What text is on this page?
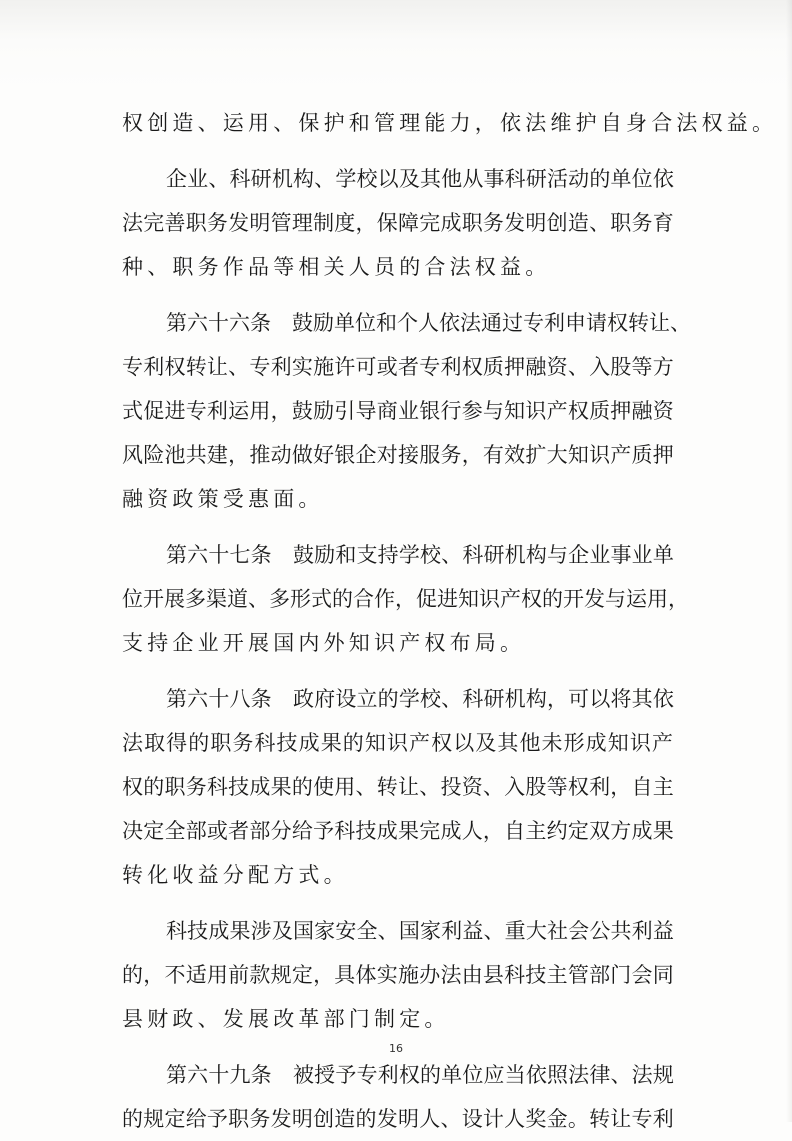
权创造、运用、保护和管理能力，依法维护自身合法权益。

企业、科研机构、学校以及其他从事科研活动的单位依
法完善职务发明管理制度，保障完成职务发明创造、职务育
种、职务作品等相关人员的合法权益。

第六十六条　鼓励单位和个人依法通过专利申请权转让、
专利权转让、专利实施许可或者专利权质押融资、入股等方
式促进专利运用，鼓励引导商业银行参与知识产权质押融资
风险池共建，推动做好银企对接服务，有效扩大知识产质押
融资政策受惠面。

第六十七条　鼓励和支持学校、科研机构与企业事业单
位开展多渠道、多形式的合作，促进知识产权的开发与运用，
支持企业开展国内外知识产权布局。

第六十八条　政府设立的学校、科研机构，可以将其依
法取得的职务科技成果的知识产权以及其他未形成知识产
权的职务科技成果的使用、转让、投资、入股等权利，自主
决定全部或者部分给予科技成果完成人，自主约定双方成果
转化收益分配方式。

科技成果涉及国家安全、国家利益、重大社会公共利益
的，不适用前款规定，具体实施办法由县科技主管部门会同
县财政、发展改革部门制定。

第六十九条　被授予专利权的单位应当依照法律、法规
的规定给予职务发明创造的发明人、设计人奖金。转让专利

16
